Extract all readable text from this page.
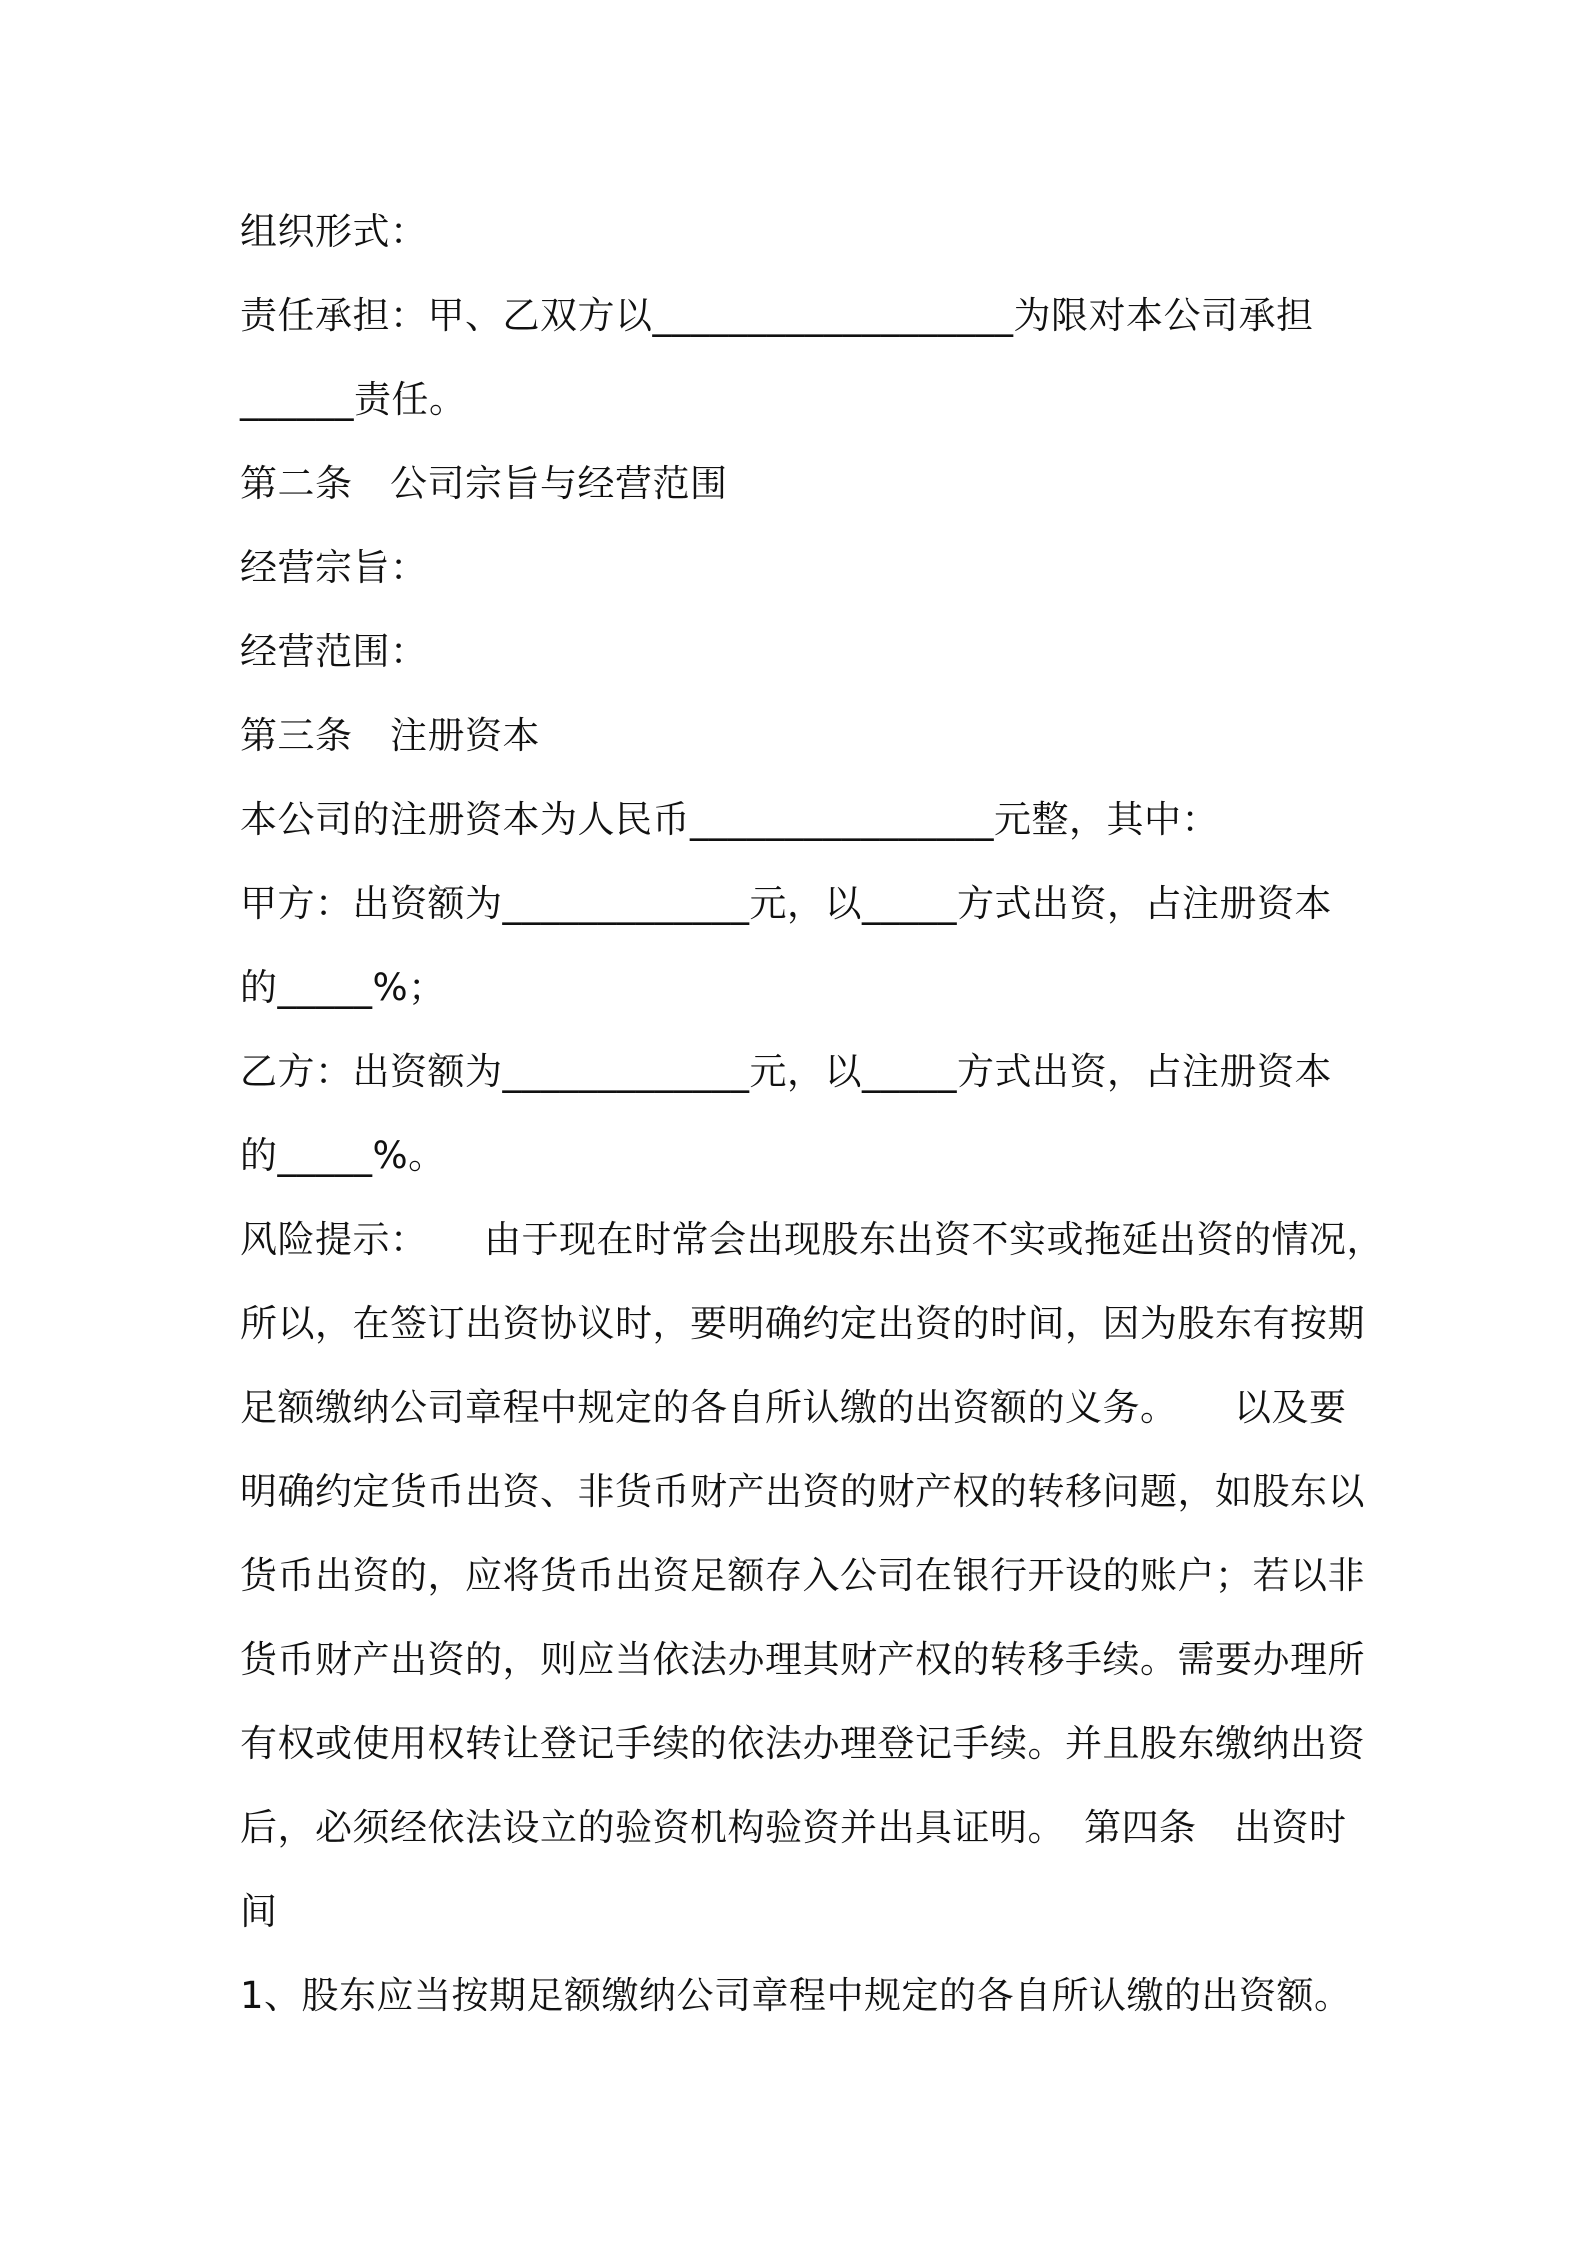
组织形式：
责任承担：甲、乙双方以___________________为限对本公司承担
______责任。
第二条　公司宗旨与经营范围
经营宗旨：
经营范围：
第三条　注册资本
本公司的注册资本为人民币________________元整，其中：
甲方：出资额为_____________元，以_____方式出资，占注册资本
的_____%；
乙方：出资额为_____________元，以_____方式出资，占注册资本
的_____%。
风险提示：　　由于现在时常会出现股东出资不实或拖延出资的情况，
所以，在签订出资协议时，要明确约定出资的时间，因为股东有按期
足额缴纳公司章程中规定的各自所认缴的出资额的义务。　　以及要
明确约定货币出资、非货币财产出资的财产权的转移问题，如股东以
货币出资的，应将货币出资足额存入公司在银行开设的账户；若以非
货币财产出资的，则应当依法办理其财产权的转移手续。需要办理所
有权或使用权转让登记手续的依法办理登记手续。并且股东缴纳出资
后，必须经依法设立的验资机构验资并出具证明。　第四条　出资时
间
1、股东应当按期足额缴纳公司章程中规定的各自所认缴的出资额。
